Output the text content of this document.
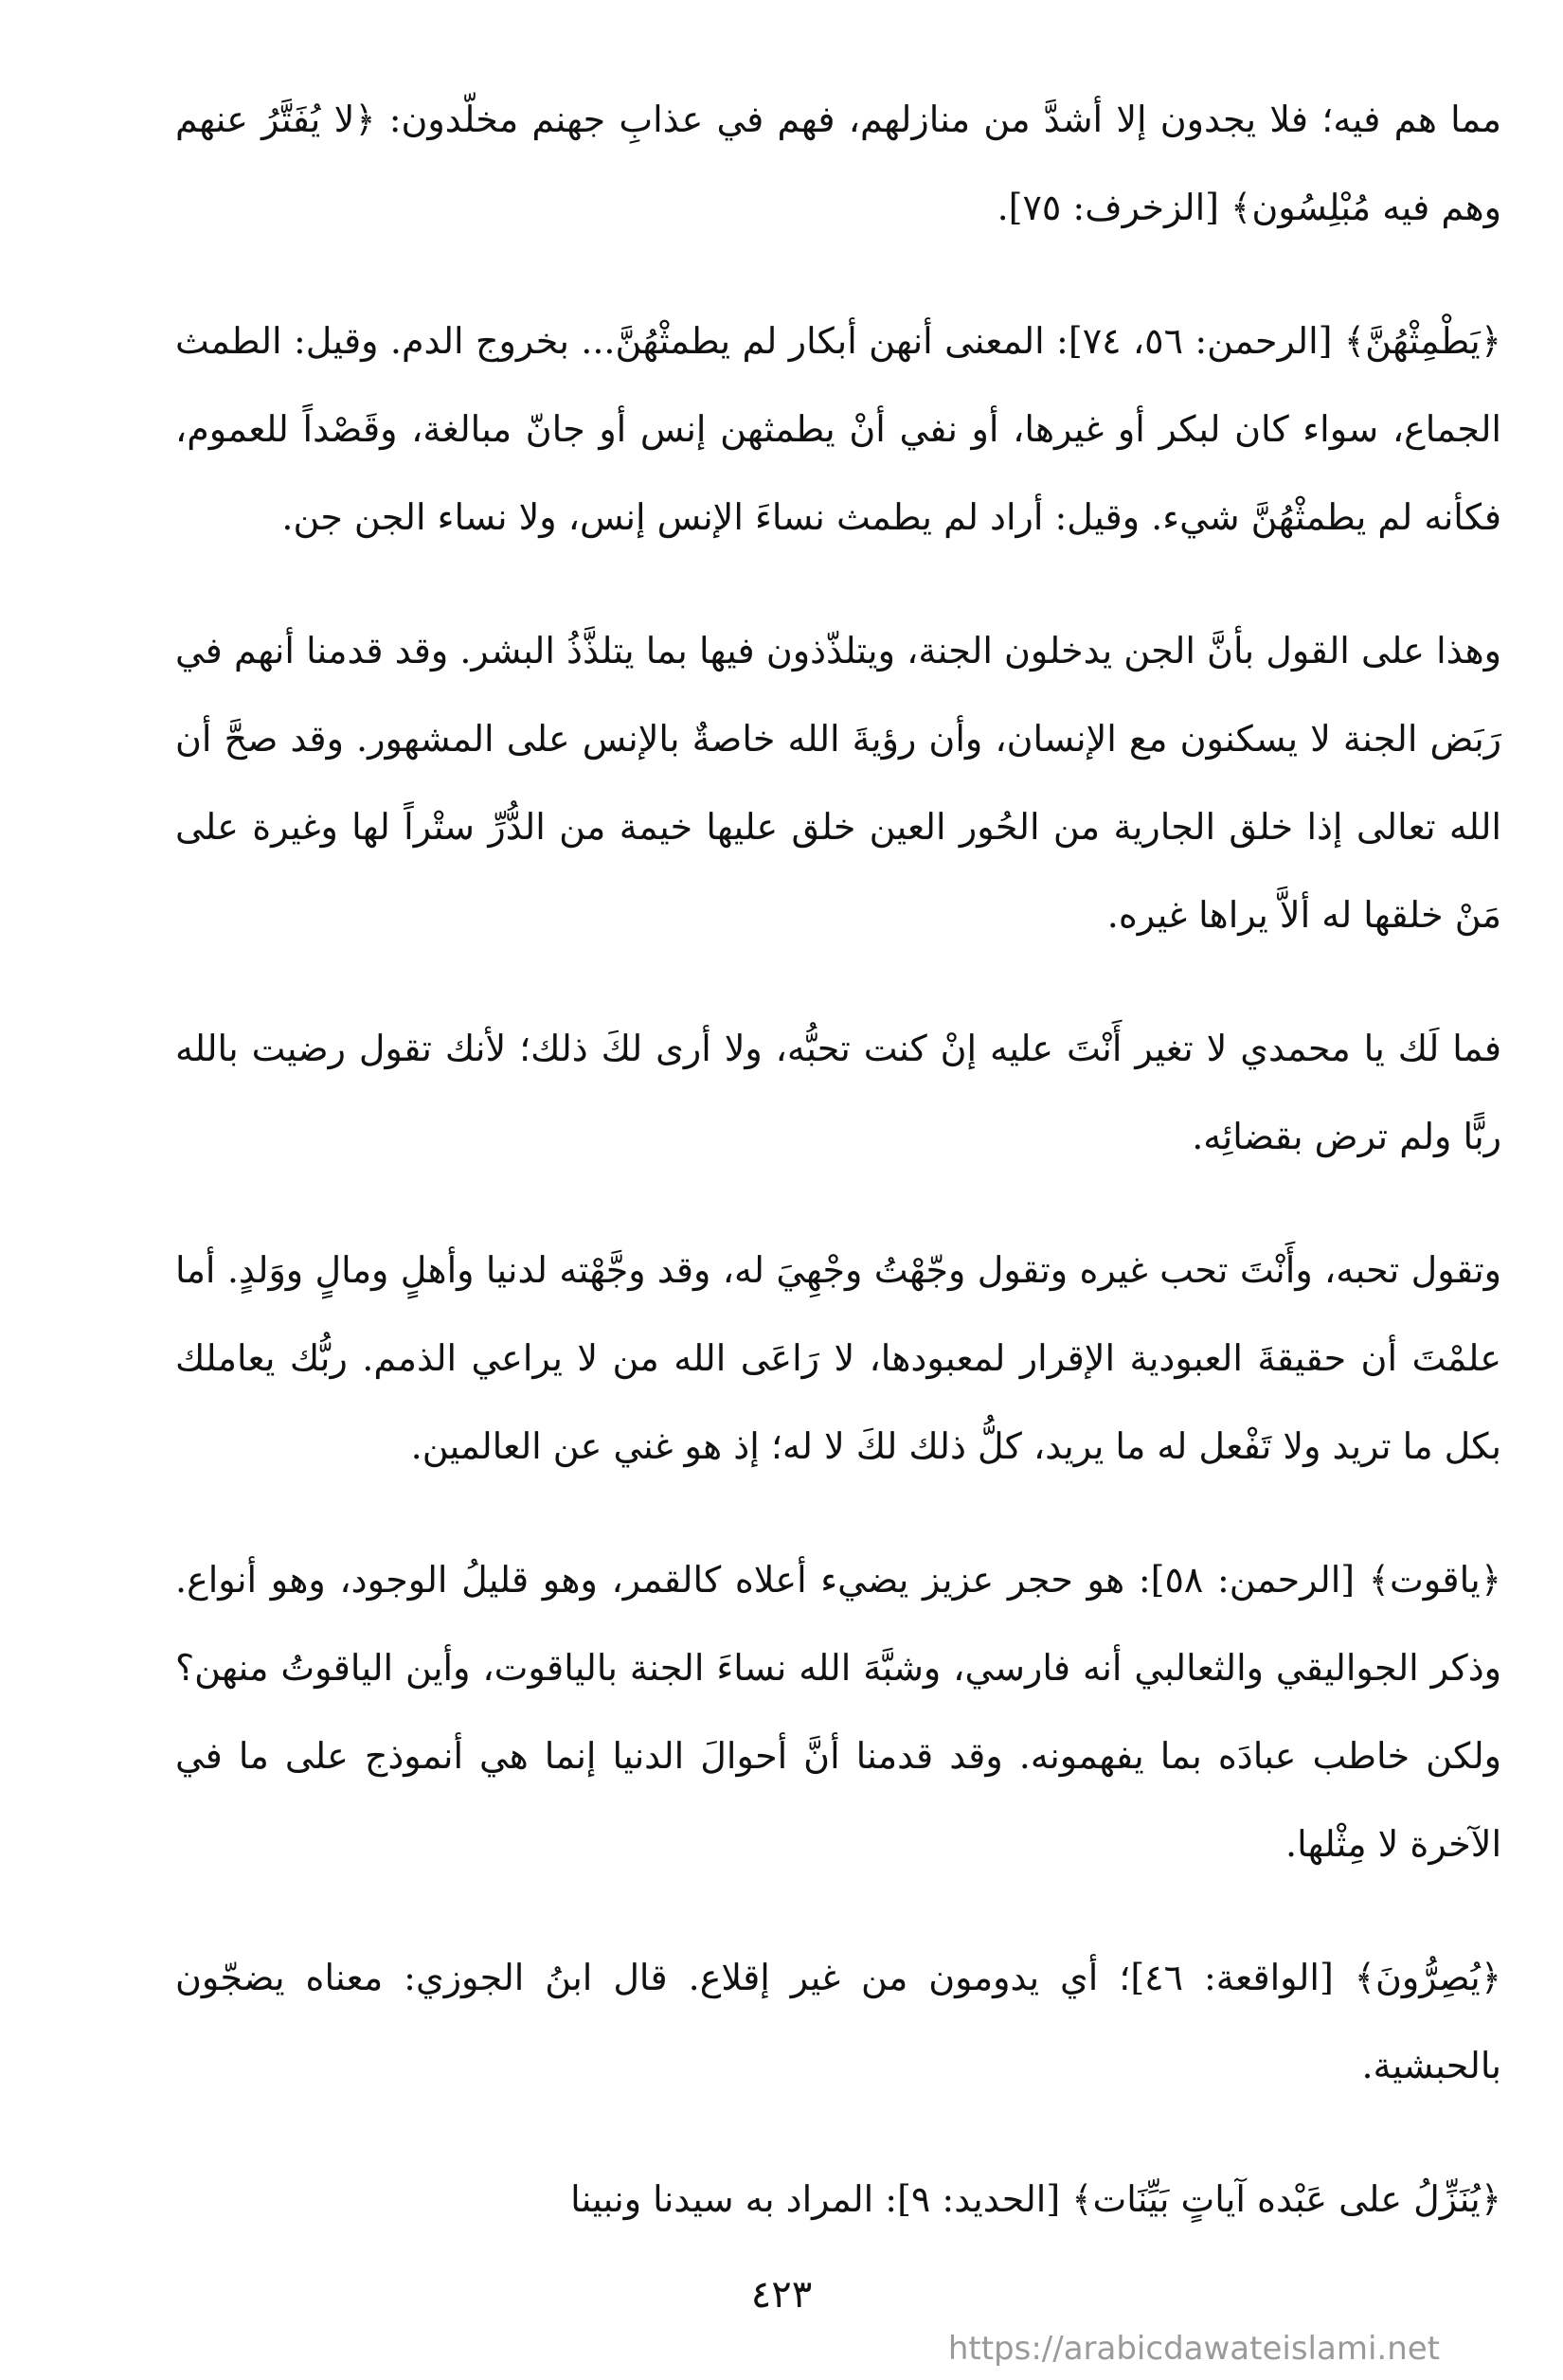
مما هم فيه؛ فلا يجدون إلا أشدَّ من منازلهم، فهم في عذابِ جهنم مخلّدون: ﴿لا يُفَتَّرُ عنهم وهم فيه مُبْلِسُون﴾ [الزخرف: ٧٥].

﴿يَطْمِثْهُنَّ﴾ [الرحمن: ٥٦، ٧٤]: المعنى أنهن أبكار لم يطمثْهُنَّ... بخروج الدم. وقيل: الطمث الجماع، سواء كان لبكر أو غيرها، أو نفي أنْ يطمثهن إنس أو جانّ مبالغة، وقَصْداً للعموم، فكأنه لم يطمثْهُنَّ شيء. وقيل: أراد لم يطمث نساءَ الإنس إنس، ولا نساء الجن جن.

وهذا على القول بأنَّ الجن يدخلون الجنة، ويتلذّذون فيها بما يتلذَّذُ البشر. وقد قدمنا أنهم في رَبَض الجنة لا يسكنون مع الإنسان، وأن رؤيةَ الله خاصةٌ بالإنس على المشهور. وقد صحَّ أن الله تعالى إذا خلق الجارية من الحُور العين خلق عليها خيمة من الدُّرِّ ستْراً لها وغيرة على مَنْ خلقها له ألاَّ يراها غيره.

فما لَك يا محمدي لا تغير أَنْتَ عليه إنْ كنت تحبُّه، ولا أرى لكَ ذلك؛ لأنك تقول رضيت بالله ربًّا ولم ترض بقضائِه.

وتقول تحبه، وأَنْتَ تحب غيره وتقول وجّهْتُ وجْهِيَ له، وقد وجَّهْته لدنيا وأهلٍ ومالٍ ووَلدٍ. أما علمْتَ أن حقيقةَ العبودية الإقرار لمعبودها، لا رَاعَى الله من لا يراعي الذمم. ربُّك يعاملك بكل ما تريد ولا تَفْعل له ما يريد، كلُّ ذلك لكَ لا له؛ إذ هو غني عن العالمين.

﴿ياقوت﴾ [الرحمن: ٥٨]: هو حجر عزيز يضيء أعلاه كالقمر، وهو قليلُ الوجود، وهو أنواع. وذكر الجواليقي والثعالبي أنه فارسي، وشبَّهَ الله نساءَ الجنة بالياقوت، وأين الياقوتُ منهن؟ ولكن خاطب عبادَه بما يفهمونه. وقد قدمنا أنَّ أحوالَ الدنيا إنما هي أنموذج على ما في الآخرة لا مِثْلها.

﴿يُصِرُّونَ﴾ [الواقعة: ٤٦]؛ أي يدومون من غير إقلاع. قال ابنُ الجوزي: معناه يضجّون بالحبشية.

﴿يُنَزِّلُ على عَبْده آياتٍ بَيِّنَات﴾ [الحديد: ٩]: المراد به سيدنا ونبينا

٤٢٣
https://arabicdawateislami.net
